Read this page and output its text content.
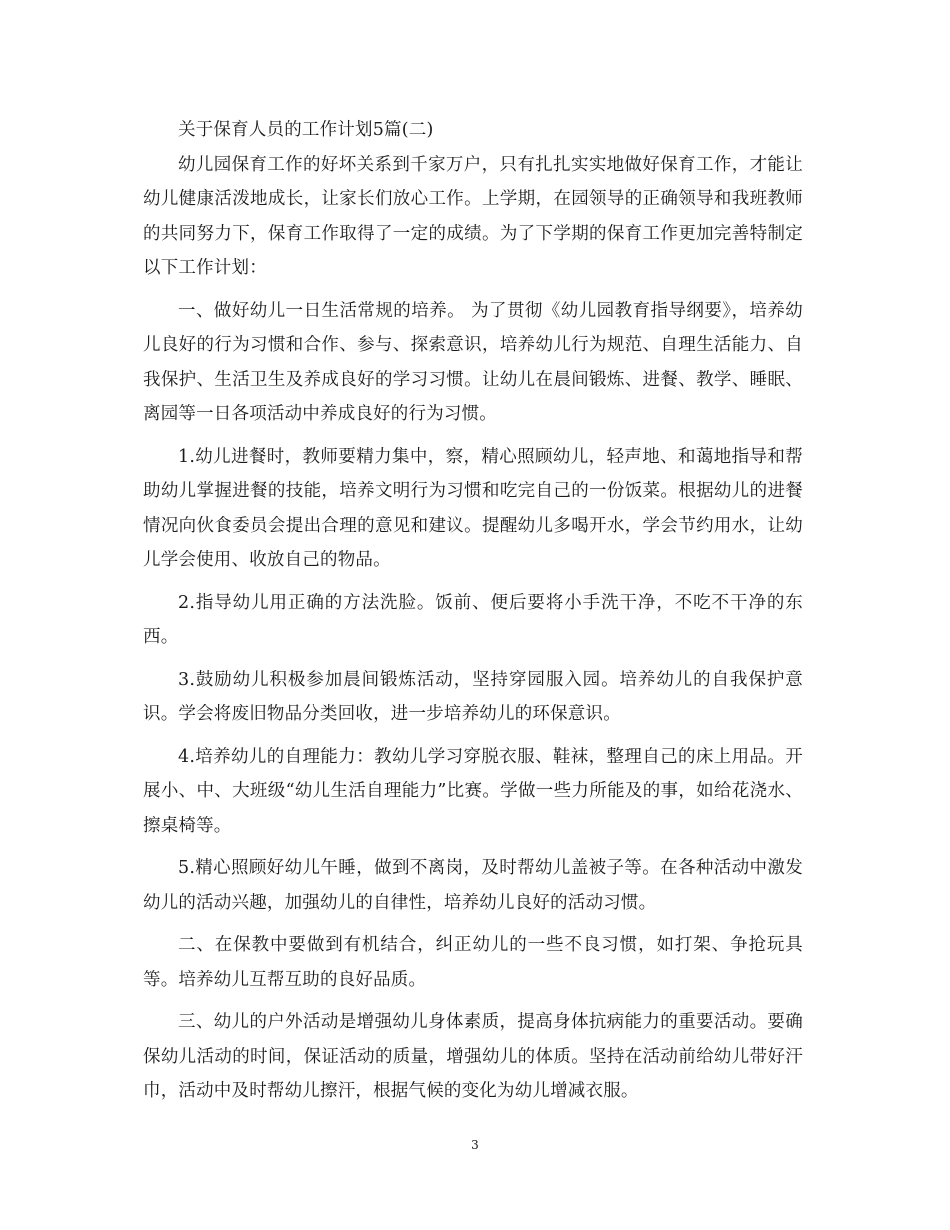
关于保育人员的工作计划5篇(二)

幼儿园保育工作的好坏关系到千家万户，只有扎扎实实地做好保育工作，才能让幼儿健康活泼地成长，让家长们放心工作。上学期，在园领导的正确领导和我班教师的共同努力下，保育工作取得了一定的成绩。为了下学期的保育工作更加完善特制定以下工作计划：

一、做好幼儿一日生活常规的培养。 为了贯彻《幼儿园教育指导纲要》，培养幼儿良好的行为习惯和合作、参与、探索意识，培养幼儿行为规范、自理生活能力、自我保护、生活卫生及养成良好的学习习惯。让幼儿在晨间锻炼、进餐、教学、睡眠、离园等一日各项活动中养成良好的行为习惯。

1.幼儿进餐时，教师要精力集中，察，精心照顾幼儿，轻声地、和蔼地指导和帮助幼儿掌握进餐的技能，培养文明行为习惯和吃完自己的一份饭菜。根据幼儿的进餐情况向伙食委员会提出合理的意见和建议。提醒幼儿多喝开水，学会节约用水，让幼儿学会使用、收放自己的物品。

2.指导幼儿用正确的方法洗脸。饭前、便后要将小手洗干净，不吃不干净的东西。

3.鼓励幼儿积极参加晨间锻炼活动，坚持穿园服入园。培养幼儿的自我保护意识。学会将废旧物品分类回收，进一步培养幼儿的环保意识。

4.培养幼儿的自理能力：教幼儿学习穿脱衣服、鞋袜，整理自己的床上用品。开展小、中、大班级“幼儿生活自理能力”比赛。学做一些力所能及的事，如给花浇水、擦桌椅等。

5.精心照顾好幼儿午睡，做到不离岗，及时帮幼儿盖被子等。在各种活动中激发幼儿的活动兴趣，加强幼儿的自律性，培养幼儿良好的活动习惯。

二、在保教中要做到有机结合，纠正幼儿的一些不良习惯，如打架、争抢玩具等。培养幼儿互帮互助的良好品质。

三、幼儿的户外活动是增强幼儿身体素质，提高身体抗病能力的重要活动。要确保幼儿活动的时间，保证活动的质量，增强幼儿的体质。坚持在活动前给幼儿带好汗巾，活动中及时帮幼儿擦汗，根据气候的变化为幼儿增减衣服。

3
